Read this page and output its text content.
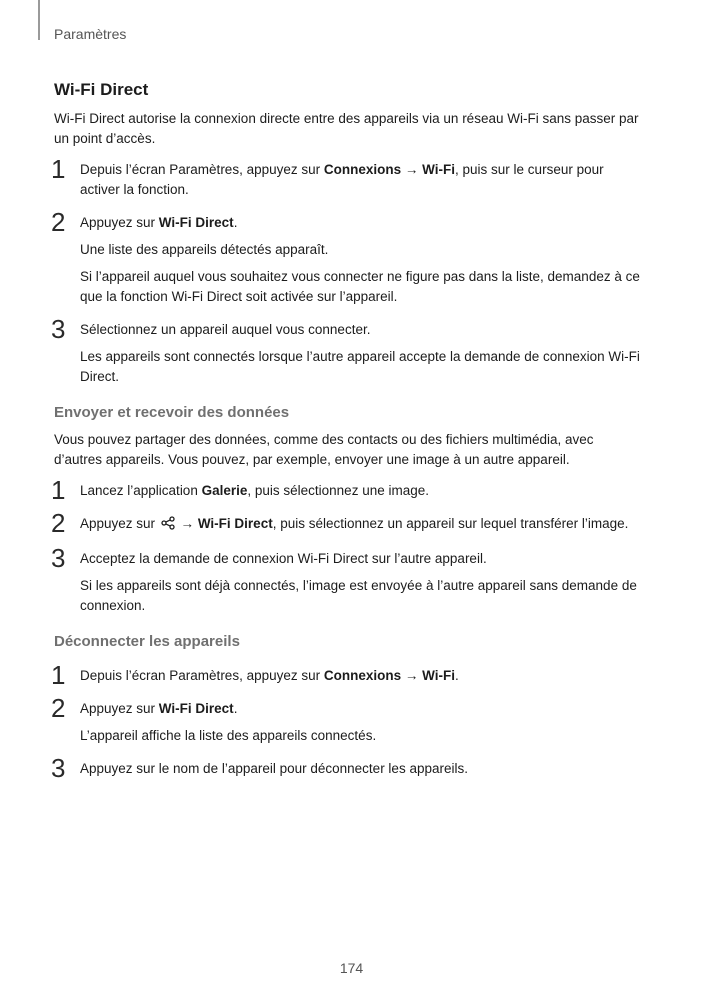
Paramètres
Wi-Fi Direct

Wi-Fi Direct autorise la connexion directe entre des appareils via un réseau Wi-Fi sans passer par un point d’accès.

1 Depuis l’écran Paramètres, appuyez sur Connexions → Wi-Fi, puis sur le curseur pour activer la fonction.

2 Appuyez sur Wi-Fi Direct.

Une liste des appareils détectés apparaît.

Si l’appareil auquel vous souhaitez vous connecter ne figure pas dans la liste, demandez à ce que la fonction Wi-Fi Direct soit activée sur l’appareil.

3 Sélectionnez un appareil auquel vous connecter.

Les appareils sont connectés lorsque l’autre appareil accepte la demande de connexion Wi-Fi Direct.

Envoyer et recevoir des données

Vous pouvez partager des données, comme des contacts ou des fichiers multimédia, avec d’autres appareils. Vous pouvez, par exemple, envoyer une image à un autre appareil.

1 Lancez l’application Galerie, puis sélectionnez une image.

2 Appuyez sur  → Wi-Fi Direct, puis sélectionnez un appareil sur lequel transférer l’image.

3 Acceptez la demande de connexion Wi-Fi Direct sur l’autre appareil.

Si les appareils sont déjà connectés, l’image est envoyée à l’autre appareil sans demande de connexion.

Déconnecter les appareils
1 Depuis l’écran Paramètres, appuyez sur Connexions → Wi-Fi.

2 Appuyez sur Wi-Fi Direct.

L’appareil affiche la liste des appareils connectés.

3 Appuyez sur le nom de l’appareil pour déconnecter les appareils.

174
